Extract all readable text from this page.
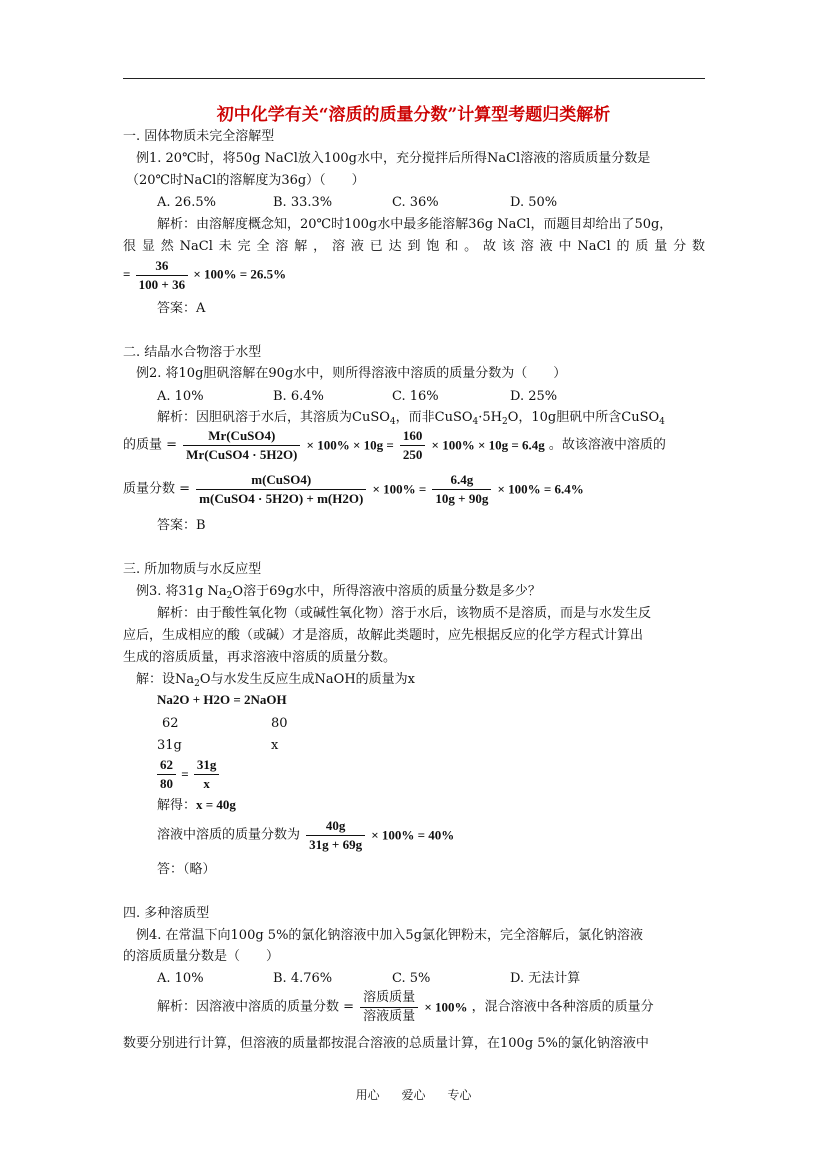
初中化学有关“溶质的质量分数”计算型考题归类解析
一. 固体物质未完全溶解型
例1. 20℃时，将50g NaCl放入100g水中，充分搅拌后所得NaCl溶液的溶质质量分数是
（20℃时NaCl的溶解度为36g）（　　）
A. 26.5%	B. 33.3%	C. 36%	D. 50%
解析：由溶解度概念知，20℃时100g水中最多能溶解36g NaCl，而题目却给出了50g，
很显然NaCl未完全溶解，溶液已达到饱和。故该溶液中NaCl的质量分数
= $\frac{36}{100 + 36} \times 100\% = 26.5\%$
答案：A
二. 结晶水合物溶于水型
例2. 将10g胆矾溶解在90g水中，则所得溶液中溶质的质量分数为（　　）
A. 10%	B. 6.4%	C. 16%	D. 25%
解析：因胆矾溶于水后，其溶质为CuSO$_4$，而非$CuSO_4\cdot 5H_2O$，10g胆矾中所含CuSO$_4$
的质量 = $\frac{\text{Mr(CuSO4)}}{\text{Mr(CuSO4 · 5H2O)}} \times 100\% \times 10g = \frac{160}{250} \times 100\% \times 10g = 6.4g$ 。故该溶液中溶质的
质量分数 = $\frac{\text{m(CuSO4)}}{\text{m(CuSO4 · 5H2O) + m(H2O)}} \times 100\% = \frac{6.4g}{10g + 90g} \times 100\% = 6.4\%$
答案：B
三. 所加物质与水反应型
例3. 将31g $Na_2O$溶于69g水中，所得溶液中溶质的质量分数是多少？
解析：由于酸性氧化物（或碱性氧化物）溶于水后，该物质不是溶质，而是与水发生反
应后，生成相应的酸（或碱）才是溶质，故解此类题时，应先根据反应的化学方程式计算出
生成的溶质质量，再求溶液中溶质的质量分数。
解：设$Na_2O$与水发生反应生成NaOH的质量为x
Na2O + H2O = 2NaOH
62	80
31g	x
$\frac{62}{80} = \frac{31g}{x}$
解得：x = 40g
溶液中溶质的质量分数为 $\frac{40g}{31g + 69g} \times 100\% = 40\%$
答：（略）
四. 多种溶质型
例4. 在常温下向100g 5%的氯化钠溶液中加入5g氯化钾粉末，完全溶解后，氯化钠溶液
的溶质质量分数是（　　）
A. 10%	B. 4.76%	C. 5%	D. 无法计算
解析：因溶液中溶质的质量分数 = $\frac{\text{溶质质量}}{\text{溶液质量}} \times 100\%$ ，混合溶液中各种溶质的质量分
数要分别进行计算，但溶液的质量都按混合溶液的总质量计算，在100g 5%的氯化钠溶液中
用心 爱心 专心
